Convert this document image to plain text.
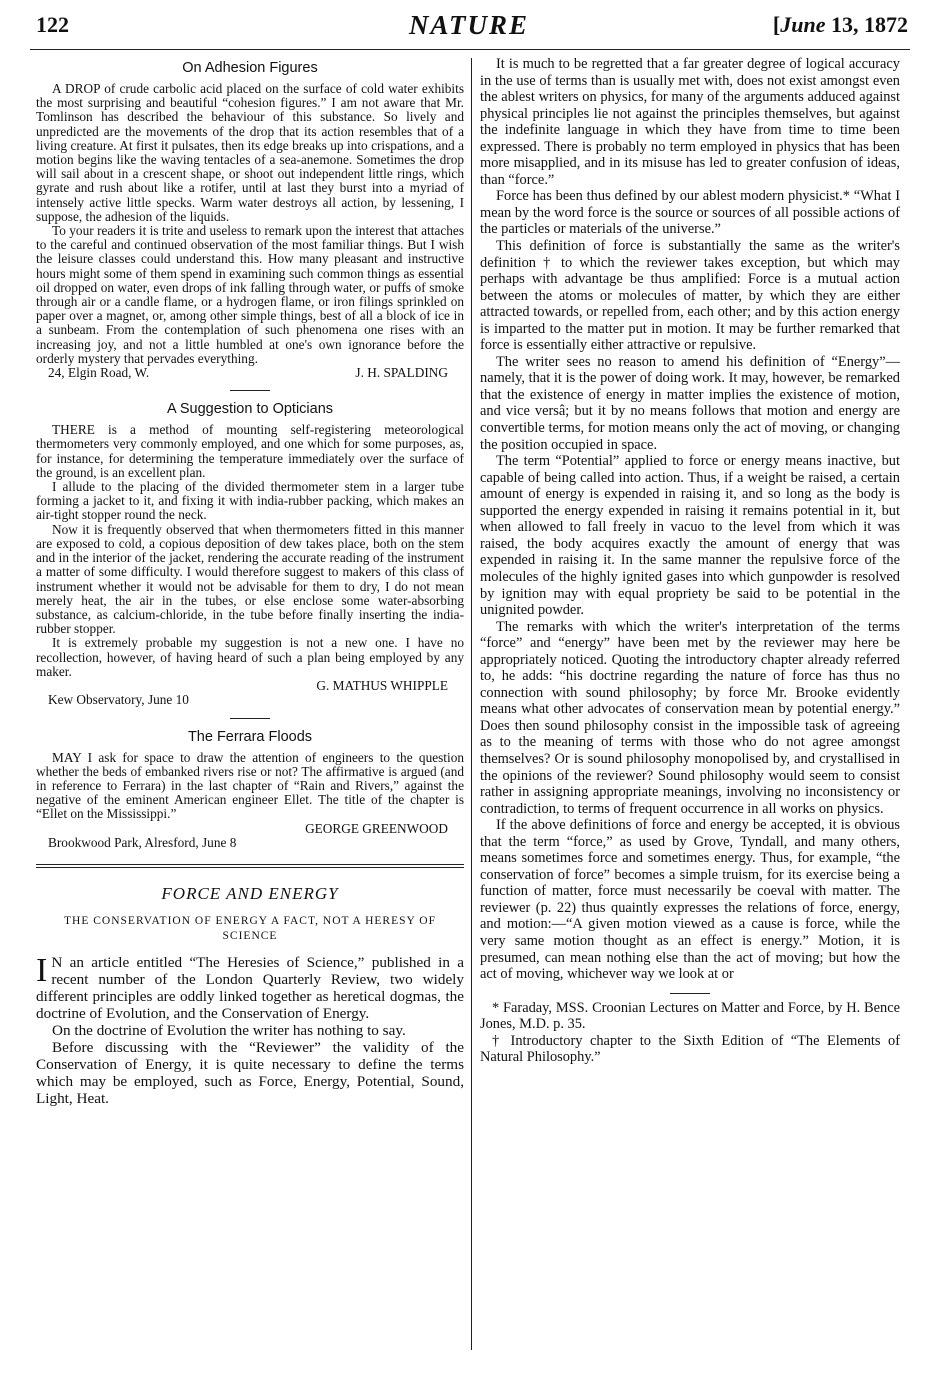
122	NATURE	[June 13, 1872
On Adhesion Figures

A DROP of crude carbolic acid placed on the surface of cold water exhibits the most surprising and beautiful “cohesion figures.” I am not aware that Mr. Tomlinson has described the behaviour of this substance. So lively and unpredicted are the movements of the drop that its action resembles that of a living creature. At first it pulsates, then its edge breaks up into crispations, and a motion begins like the waving tentacles of a sea-anemone. Sometimes the drop will sail about in a crescent shape, or shoot out independent little rings, which gyrate and rush about like a rotifer, until at last they burst into a myriad of intensely active little specks. Warm water destroys all action, by lessening, I suppose, the adhesion of the liquids.

To your readers it is trite and useless to remark upon the interest that attaches to the careful and continued observation of the most familiar things. But I wish the leisure classes could understand this. How many pleasant and instructive hours might some of them spend in examining such common things as essential oil dropped on water, even drops of ink falling through water, or puffs of smoke through air or a candle flame, or a hydrogen flame, or iron filings sprinkled on paper over a magnet, or, among other simple things, best of all a block of ice in a sunbeam. From the contemplation of such phenomena one rises with an increasing joy, and not a little humbled at one's own ignorance before the orderly mystery that pervades everything.

24, Elgin Road, W.	J. H. SPALDING
A Suggestion to Opticians

THERE is a method of mounting self-registering meteorological thermometers very commonly employed, and one which for some purposes, as, for instance, for determining the temperature immediately over the surface of the ground, is an excellent plan.

I allude to the placing of the divided thermometer stem in a larger tube forming a jacket to it, and fixing it with india-rubber packing, which makes an air-tight stopper round the neck.

Now it is frequently observed that when thermometers fitted in this manner are exposed to cold, a copious deposition of dew takes place, both on the stem and in the interior of the jacket, rendering the accurate reading of the instrument a matter of some difficulty. I would therefore suggest to makers of this class of instrument whether it would not be advisable for them to dry, I do not mean merely heat, the air in the tubes, or else enclose some water-absorbing substance, as calcium-chloride, in the tube before finally inserting the india-rubber stopper.

It is extremely probable my suggestion is not a new one. I have no recollection, however, of having heard of such a plan being employed by any maker.

G. MATHUS WHIPPLE
Kew Observatory, June 10
The Ferrara Floods

MAY I ask for space to draw the attention of engineers to the question whether the beds of embanked rivers rise or not? The affirmative is argued (and in reference to Ferrara) in the last chapter of “Rain and Rivers,” against the negative of the eminent American engineer Ellet. The title of the chapter is “Ellet on the Mississippi.”

GEORGE GREENWOOD
Brookwood Park, Alresford, June 8
FORCE AND ENERGY
THE CONSERVATION OF ENERGY A FACT, NOT A HERESY OF SCIENCE

I N an article entitled “The Heresies of Science,” published in a recent number of the London Quarterly Review, two widely different principles are oddly linked together as heretical dogmas, the doctrine of Evolution, and the Conservation of Energy.

On the doctrine of Evolution the writer has nothing to say.

Before discussing with the “Reviewer” the validity of the Conservation of Energy, it is quite necessary to define the terms which may be employed, such as Force, Energy, Potential, Sound, Light, Heat.

It is much to be regretted that a far greater degree of logical accuracy in the use of terms than is usually met with, does not exist amongst even the ablest writers on physics, for many of the arguments adduced against physical principles lie not against the principles themselves, but against the indefinite language in which they have from time to time been expressed. There is probably no term employed in physics that has been more misapplied, and in its misuse has led to greater confusion of ideas, than “force.”

Force has been thus defined by our ablest modern physicist.* “What I mean by the word force is the source or sources of all possible actions of the particles or materials of the universe.”

This definition of force is substantially the same as the writer's definition † to which the reviewer takes exception, but which may perhaps with advantage be thus amplified: Force is a mutual action between the atoms or molecules of matter, by which they are either attracted towards, or repelled from, each other; and by this action energy is imparted to the matter put in motion. It may be further remarked that force is essentially either attractive or repulsive.

The writer sees no reason to amend his definition of “Energy”—namely, that it is the power of doing work. It may, however, be remarked that the existence of energy in matter implies the existence of motion, and vice versâ; but it by no means follows that motion and energy are convertible terms, for motion means only the act of moving, or changing the position occupied in space.

The term “Potential” applied to force or energy means inactive, but capable of being called into action. Thus, if a weight be raised, a certain amount of energy is expended in raising it, and so long as the body is supported the energy expended in raising it remains potential in it, but when allowed to fall freely in vacuo to the level from which it was raised, the body acquires exactly the amount of energy that was expended in raising it. In the same manner the repulsive force of the molecules of the highly ignited gases into which gunpowder is resolved by ignition may with equal propriety be said to be potential in the unignited powder.

The remarks with which the writer's interpretation of the terms “force” and “energy” have been met by the reviewer may here be appropriately noticed. Quoting the introductory chapter already referred to, he adds: “his doctrine regarding the nature of force has thus no connection with sound philosophy; by force Mr. Brooke evidently means what other advocates of conservation mean by potential energy.” Does then sound philosophy consist in the impossible task of agreeing as to the meaning of terms with those who do not agree amongst themselves? Or is sound philosophy monopolised by, and crystallised in the opinions of the reviewer? Sound philosophy would seem to consist rather in assigning appropriate meanings, involving no inconsistency or contradiction, to terms of frequent occurrence in all works on physics.

If the above definitions of force and energy be accepted, it is obvious that the term “force,” as used by Grove, Tyndall, and many others, means sometimes force and sometimes energy. Thus, for example, “the conservation of force” becomes a simple truism, for its exercise being a function of matter, force must necessarily be coeval with matter. The reviewer (p. 22) thus quaintly expresses the relations of force, energy, and motion:—“A given motion viewed as a cause is force, while the very same motion thought as an effect is energy.” Motion, it is presumed, can mean nothing else than the act of moving; but how the act of moving, whichever way we look at or

* Faraday, MSS. Croonian Lectures on Matter and Force, by H. Bence Jones, M.D. p. 35.

† Introductory chapter to the Sixth Edition of “The Elements of Natural Philosophy.”
